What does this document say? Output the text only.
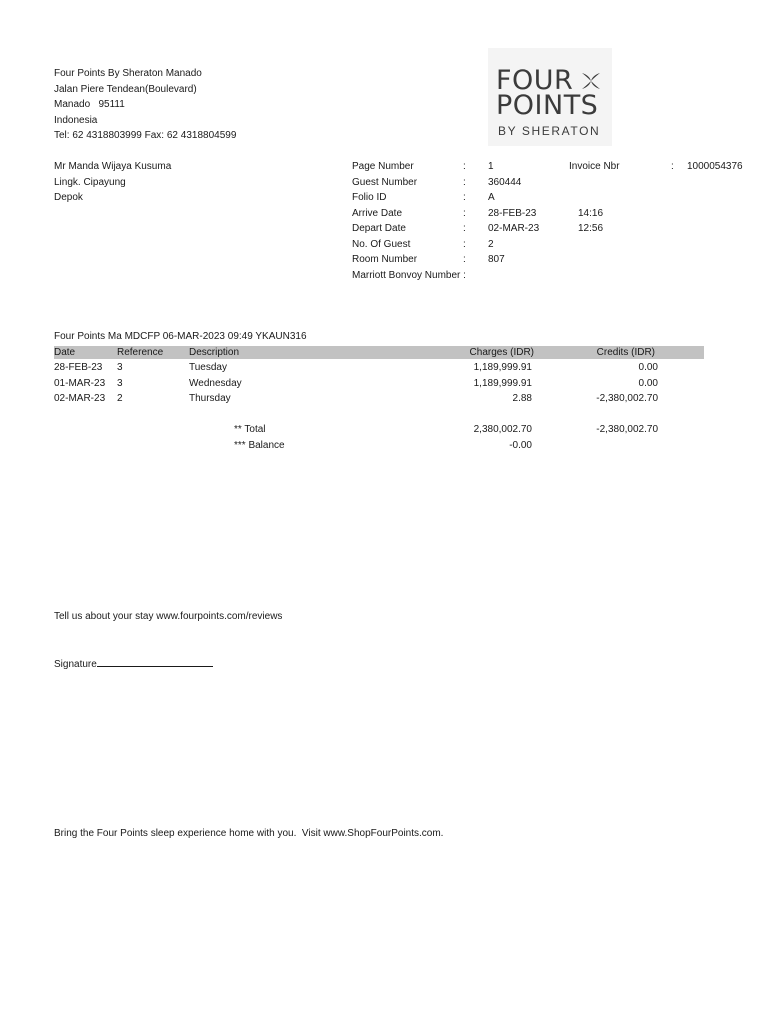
Four Points By Sheraton Manado
Jalan Piere Tendean(Boulevard)
Manado   95111
Indonesia
Tel: 62 4318803999 Fax: 62 4318804599
FOUR
POINTS
BY SHERATON
Mr Manda Wijaya Kusuma
Lingk. Cipayung
Depok
Page Number	: 1
Guest Number	: 360444
Folio ID	: A
Arrive Date	: 28-FEB-23	14:16
Depart Date	: 02-MAR-23	12:56
No. Of Guest	: 2
Room Number	: 807
Marriott Bonvoy Number :
Invoice Nbr	: 1000054376
Four Points Ma MDCFP 06-MAR-2023 09:49 YKAUN316
Date	Reference	Description	Charges (IDR)	Credits (IDR)
28-FEB-23 3	Tuesday	1,189,999.91	0.00
01-MAR-23 3	Wednesday	1,189,999.91	0.00
02-MAR-23 2	Thursday	2.88	-2,380,002.70
** Total	2,380,002.70	-2,380,002.70
*** Balance	-0.00
Tell us about your stay www.fourpoints.com/reviews
Signature
Bring the Four Points sleep experience home with you.  Visit www.ShopFourPoints.com.
